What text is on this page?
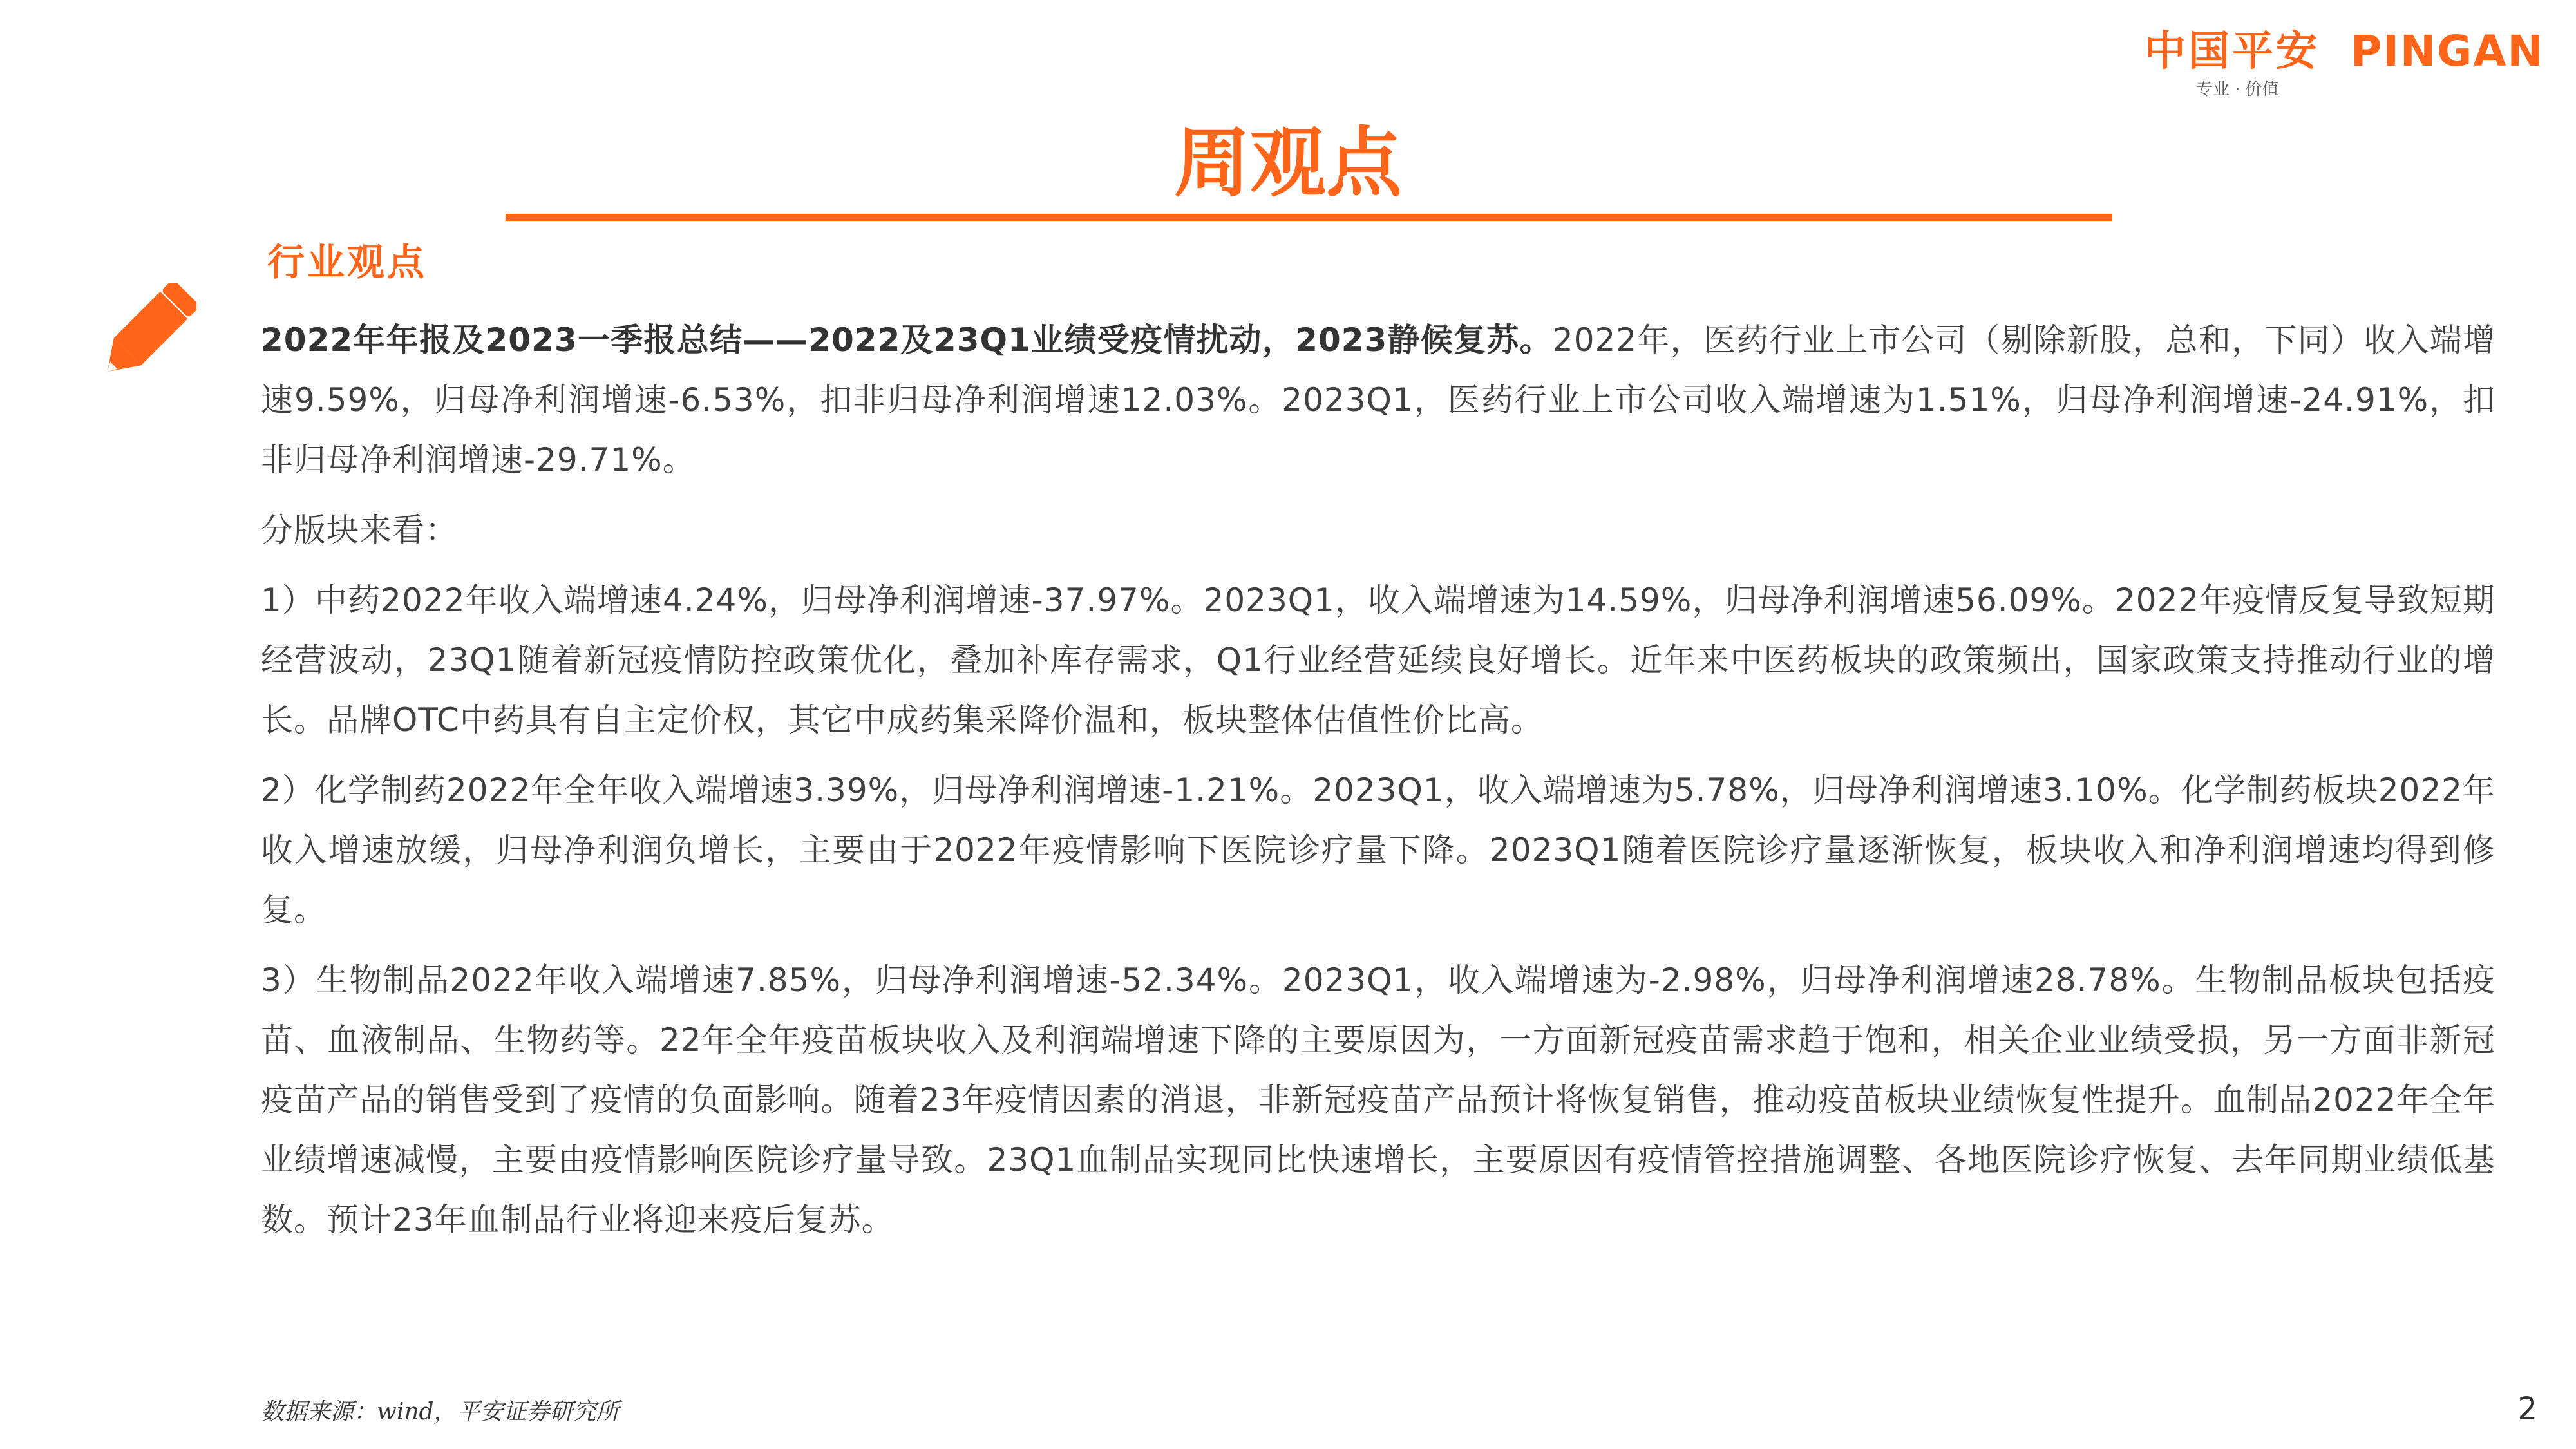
中国平安 PINGAN
专业 · 价值
周观点
行业观点

2022年年报及2023一季报总结——2022及23Q1业绩受疫情扰动，2023静候复苏。2022年，医药行业上市公司（剔除新股，总和，下同）收入端增速9.59%，归母净利润增速-6.53%，扣非归母净利润增速12.03%。2023Q1，医药行业上市公司收入端增速为1.51%，归母净利润增速-24.91%，扣非归母净利润增速-29.71%。

分版块来看：

1）中药2022年收入端增速4.24%，归母净利润增速-37.97%。2023Q1，收入端增速为14.59%，归母净利润增速56.09%。2022年疫情反复导致短期经营波动，23Q1随着新冠疫情防控政策优化，叠加补库存需求，Q1行业经营延续良好增长。近年来中医药板块的政策频出，国家政策支持推动行业的增长。品牌OTC中药具有自主定价权，其它中成药集采降价温和，板块整体估值性价比高。

2）化学制药2022年全年收入端增速3.39%，归母净利润增速-1.21%。2023Q1，收入端增速为5.78%，归母净利润增速3.10%。化学制药板块2022年收入增速放缓，归母净利润负增长，主要由于2022年疫情影响下医院诊疗量下降。2023Q1随着医院诊疗量逐渐恢复，板块收入和净利润增速均得到修复。

3）生物制品2022年收入端增速7.85%，归母净利润增速-52.34%。2023Q1，收入端增速为-2.98%，归母净利润增速28.78%。生物制品板块包括疫苗、血液制品、生物药等。22年全年疫苗板块收入及利润端增速下降的主要原因为，一方面新冠疫苗需求趋于饱和，相关企业业绩受损，另一方面非新冠疫苗产品的销售受到了疫情的负面影响。随着23年疫情因素的消退，非新冠疫苗产品预计将恢复销售，推动疫苗板块业绩恢复性提升。血制品2022年全年业绩增速减慢，主要由疫情影响医院诊疗量导致。23Q1血制品实现同比快速增长，主要原因有疫情管控措施调整、各地医院诊疗恢复、去年同期业绩低基数。预计23年血制品行业将迎来疫后复苏。

数据来源：wind，平安证券研究所	2
